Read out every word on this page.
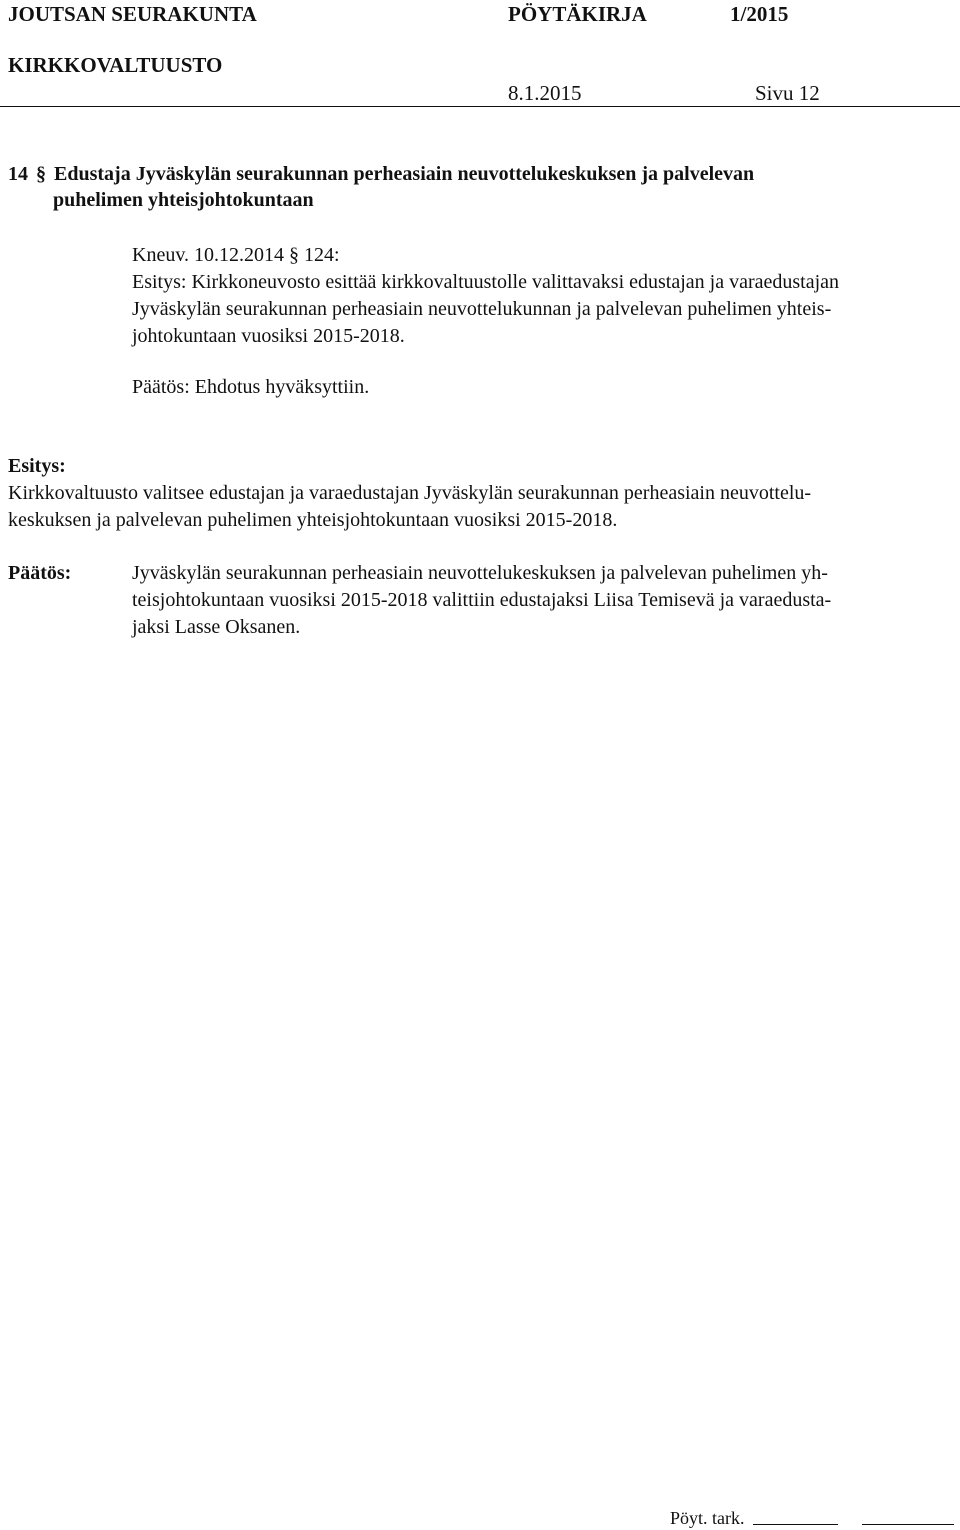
JOUTSAN SEURAKUNTA	PÖYTÄKIRJA	1/2015
KIRKKOVALTUUSTO
8.1.2015	Sivu 12
14 § Edustaja Jyväskylän seurakunnan perheasiain neuvottelukeskuksen ja palvelevan
puhelimen yhteisjohtokuntaan
Kneuv. 10.12.2014 § 124:
Esitys: Kirkkoneuvosto esittää kirkkovaltuustolle valittavaksi edustajan ja varaedustajan
Jyväskylän seurakunnan perheasiain neuvottelukunnan ja palvelevan puhelimen yhteis-
johtokuntaan vuosiksi 2015-2018.
Päätös: Ehdotus hyväksyttiin.
Esitys:
Kirkkovaltuusto valitsee edustajan ja varaedustajan Jyväskylän seurakunnan perheasiain neuvottelu-
keskuksen ja palvelevan puhelimen yhteisjohtokuntaan vuosiksi 2015-2018.
Päätös:	Jyväskylän seurakunnan perheasiain neuvottelukeskuksen ja palvelevan puhelimen yh-
teisjohtokuntaan vuosiksi 2015-2018 valittiin edustajaksi Liisa Temisevä ja varaedusta-
jaksi Lasse Oksanen.
Pöyt. tark.
